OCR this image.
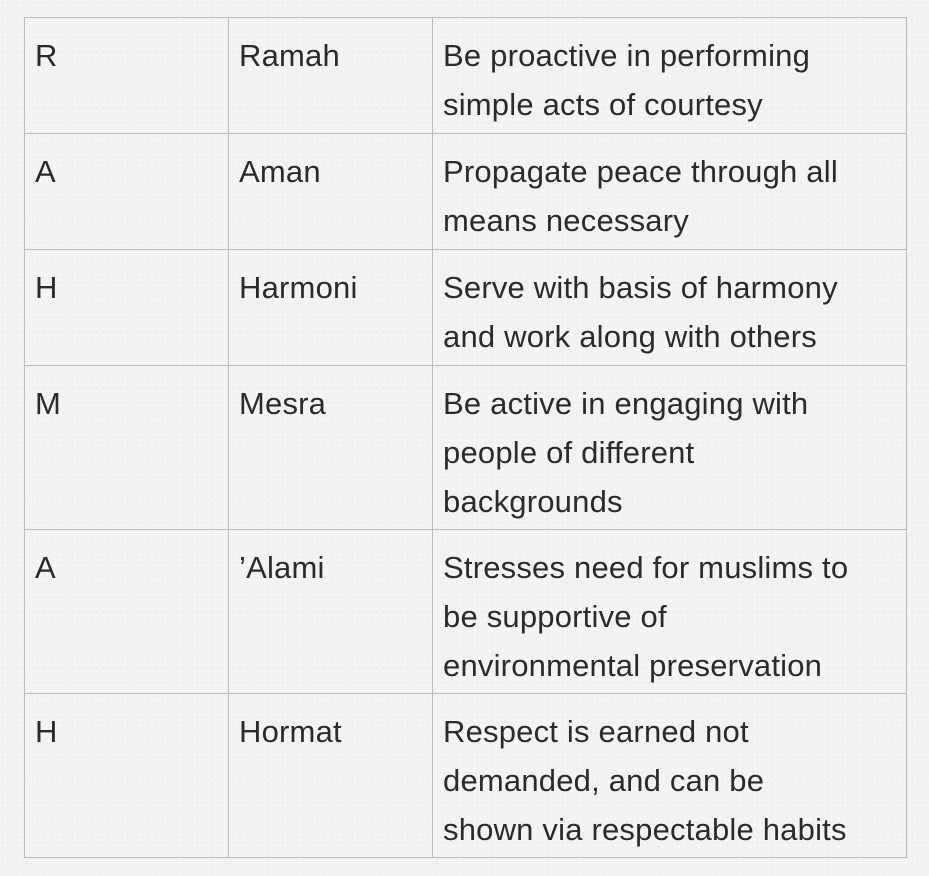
R	Ramah	Be proactive in performing
simple acts of courtesy

A	Aman	Propagate peace through all
means necessary

H	Harmoni	Serve with basis of harmony
and work along with others

M	Mesra	Be active in engaging with
people of different
backgrounds

A	’Alami	Stresses need for muslims to
be supportive of
environmental preservation

H	Hormat	Respect is earned not
demanded, and can be
shown via respectable habits
